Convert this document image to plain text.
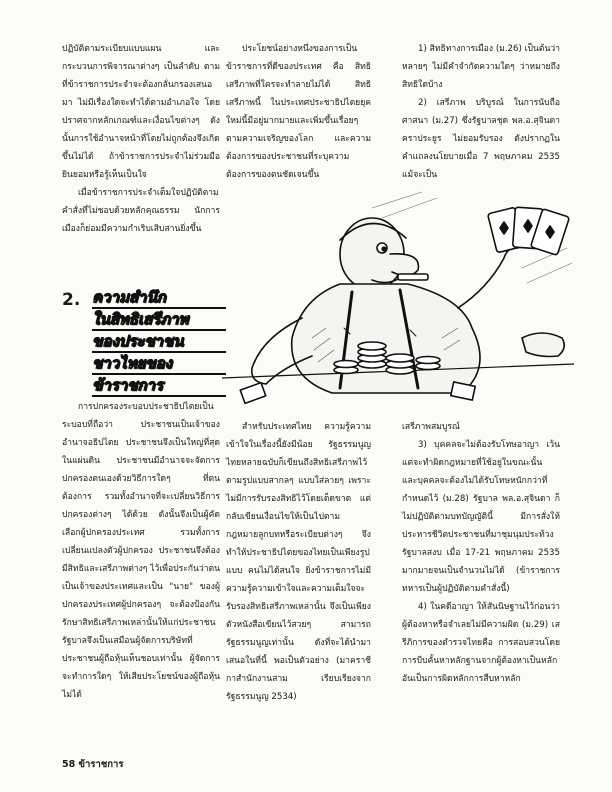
ปฏิบัติตามระเบียบแบบแผน และกระบวนการพิจารณาต่างๆ เป็นลำดับ ตามที่ข้าราชการประจำจะต้องกลั่นกรองเสนอมา ไม่มีเรื่องใดจะทำได้ตามอำเภอใจ โดยปราศจากหลักเกณฑ์และเงื่อนไขต่างๆ ดังนั้นการใช้อำนาจหน้าที่โดยไม่ถูกต้องจึงเกิดขึ้นไม่ได้ ถ้าข้าราชการประจำไม่ร่วมมือยินยอมหรือรู้เห็นเป็นใจ

เมื่อข้าราชการประจำเต็มใจปฏิบัติตามคำสั่งที่ไม่ชอบด้วยหลักคุณธรรม นักการเมืองก็ย่อมมีความกำเริบเสิบสานยิ่งขึ้น

ประโยชน์อย่างหนึ่งของการเป็นข้าราชการที่ดีของประเทศ คือ สิทธิ เสรีภาพที่ใครจะทำลายไม่ได้ สิทธิเสรีภาพนี้ ในประเทศประชาธิปไตยยุคใหม่นี้มีอยู่มากมายและเพิ่มขึ้นเรื่อยๆ ตามความเจริญของโลก และความต้องการของประชาชนที่ระบุความต้องการของตนชัดเจนขึ้น

1) สิทธิทางการเมือง (ม.26) เป็นต้นว่าหลายๆ ไม่มีคำจำกัดความใดๆ ว่าหมายถึงสิทธิใดบ้าง

2) เสรีภาพ บริบูรณ์ ในการนับถือศาสนา (ม.27) ซึ่งรัฐบาลชุด พล.อ.สุจินดา คราประยูร ไม่ยอมรับรอง ดังปรากฏในคำแถลงนโยบายเมื่อ 7 พฤษภาคม 2535 แม้จะเป็น

2. ความสำนึก
ในสิทธิเสรีภาพ
ของประชาชน
ชาวไทยของ
ข้าราชการ

การปกครองระบอบประชาธิปไตยเป็นระบอบที่ถือว่า ประชาชนเป็นเจ้าของอำนาจอธิปไตย ประชาชนจึงเป็นใหญ่ที่สุดในแผ่นดิน ประชาชนมีอำนาจจะจัดการปกครองตนเองด้วยวิธีการใดๆ ที่ตนต้องการ รวมทั้งอำนาจที่จะเปลี่ยนวิธีการปกครองต่างๆ ได้ด้วย ดังนั้นจึงเป็นผู้คัดเลือกผู้ปกครองประเทศ รวมทั้งการเปลี่ยนแปลงตัวผู้ปกครอง ประชาชนจึงต้องมีสิทธิและเสรีภาพต่างๆ ไว้เพื่อประกันว่าตนเป็นเจ้าของประเทศและเป็น "นาย" ของผู้ปกครองประเทศผู้ปกครองๆ จะต้องป้องกันรักษาสิทธิเสรีภาพเหล่านั้นให้แก่ประชาชน รัฐบาลจึงเป็นเสมือนผู้จัดการบริษัทที่ประชาชนผู้ถือหุ้นเห็นชอบเท่านั้น ผู้จัดการจะทำการใดๆ ให้เสียประโยชน์ของผู้ถือหุ้นไม่ได้

สำหรับประเทศไทย ความรู้ความเข้าใจในเรื่องนี้ยังมีน้อย รัฐธรรมนูญไทยหลายฉบับก็เขียนถึงสิทธิเสรีภาพไว้ตามรูปแบบสากลๆ แบบใส่ลายๆ เพราะไม่มีการรับรองสิทธิไว้โดยเด็ดขาด แต่กลับเขียนเงื่อนไขให้เป็นไปตามกฎหมายลูกบทหรือระเบียบต่างๆ จึงทำให้ประชาธิปไตยของไทยเป็นเพียงรูปแบบ คนไม่ได้สนใจ ยิ่งข้าราชการไม่มีความรู้ความเข้าใจและความเต็มใจจะรับรองสิทธิเสรีภาพเหล่านั้น จึงเป็นเพียงตัวหนังสือเขียนไว้สวยๆ สามารถรัฐธรรมนูญเท่านั้น ดังที่จะได้นำมาเสนอในที่นี้ พอเป็นตัวอย่าง (มาคราชีกาสำนักงานสาม เรียบเรียงจากรัฐธรรมนูญ 2534)

เสรีภาพสมบูรณ์

3) บุคคลจะไม่ต้องรับโทษอาญา เว้นแต่จะทำผิดกฎหมายที่ใช้อยู่ในขณะนั้น และบุคคลจะต้องไม่ได้รับโทษหนักกว่าที่กำหนดไว้ (ม.28) รัฐบาล พล.อ.สุจินดา ก็ไม่ปฏิบัติตามบทบัญญัตินี้ มีการสั่งให้ประหารชีวิตประชาชนที่มาชุมนุมประท้วงรัฐบาลสงบ เมื่อ 17-21 พฤษภาคม 2535 มากมายจนเป็นจำนวนไม่ได้ (ข้าราชการทหารเป็นผู้ปฏิบัติตามคำสั่งนี้)

4) ในคดีอาญา ให้สันนิษฐานไว้ก่อนว่า ผู้ต้องหาหรือจำเลยไม่มีความผิด (ม.29) เสรีภิการของตำรวจไทยคือ การสอบสวนโดยการบีบคั้นหาหลักฐานจากผู้ต้องหาเป็นหลัก อันเป็นการผิดหลักการสืบหาหลัก

58 ข้าราชการ
